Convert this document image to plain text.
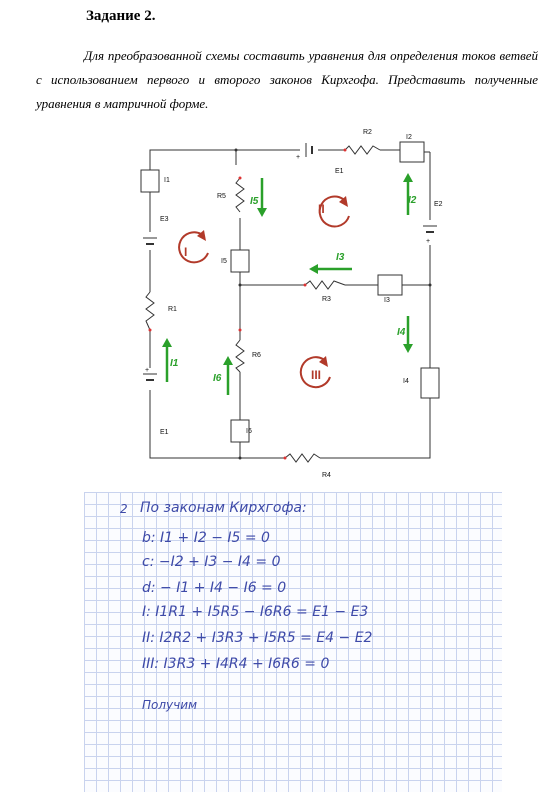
Задание 2.
Для преобразованной схемы составить уравнения для определения токов ветвей с использованием первого и второго законов Кирхгофа. Представить полученные уравнения в матричной форме.
+
+
+
R2
I2
E1
E2
I1
E3
R5
I5
R1
R3	I3
R6
I4
E1	I6
R4
I5	I2
I3
I4
I1
I6
I
II
III
2 По законам Кирхгофа:
b: I1 + I2 − I5 = 0
c: −I2 + I3 − I4 = 0
d: − I1 + I4 − I6 = 0
I: I1R1 + I5R5 − I6R6 = E1 − E3
II: I2R2 + I3R3 + I5R5 = E4 − E2
III: I3R3 + I4R4 + I6R6 = 0
Получим
